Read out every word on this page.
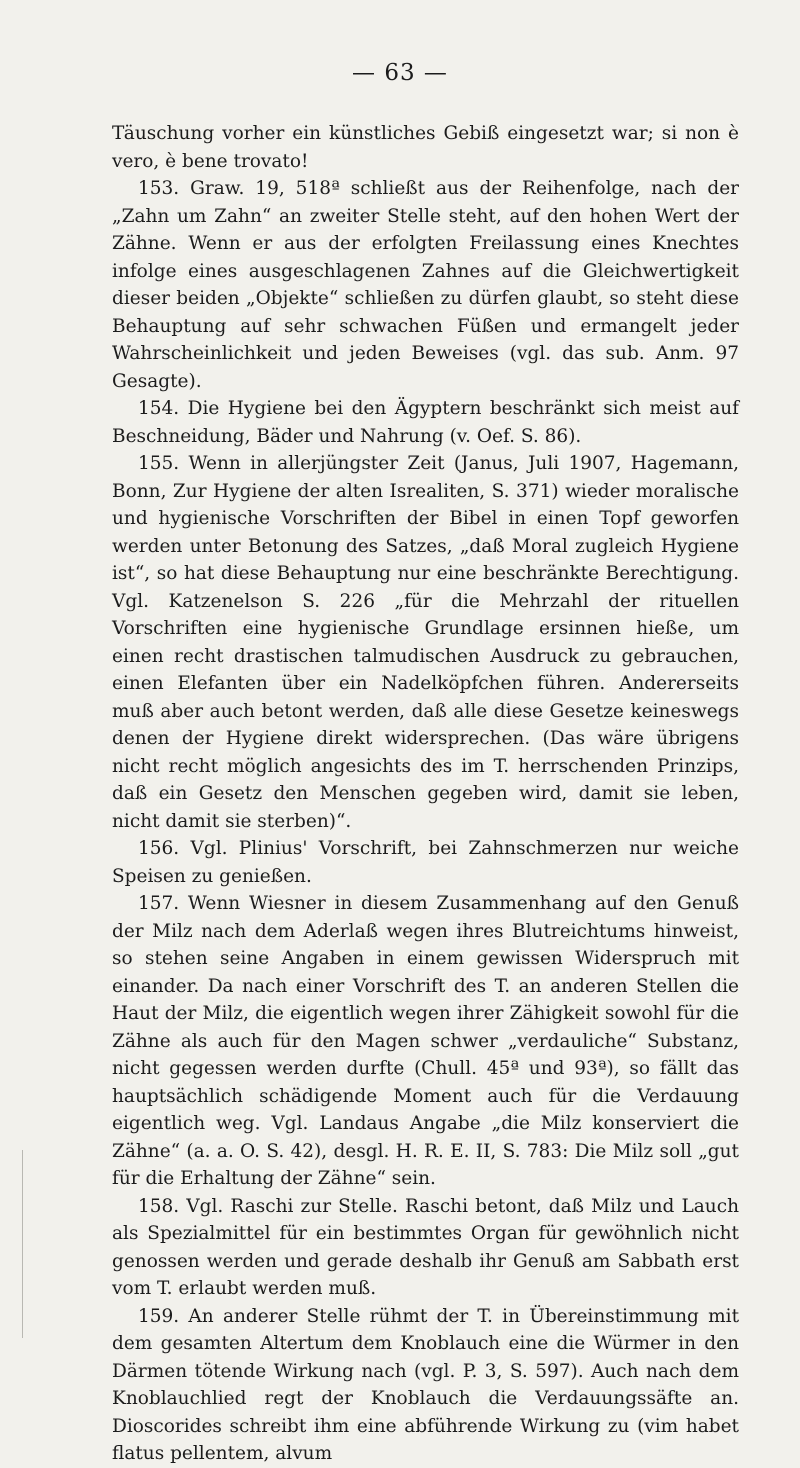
— 63 —

Täuschung vorher ein künstliches Gebiß eingesetzt war; si non è vero, è bene trovato!

153. Graw. 19, 518ª schließt aus der Reihenfolge, nach der „Zahn um Zahn“ an zweiter Stelle steht, auf den hohen Wert der Zähne. Wenn er aus der erfolgten Freilassung eines Knechtes infolge eines ausgeschlagenen Zahnes auf die Gleichwertigkeit dieser beiden „Objekte“ schließen zu dürfen glaubt, so steht diese Behauptung auf sehr schwachen Füßen und ermangelt jeder Wahrscheinlichkeit und jeden Beweises (vgl. das sub. Anm. 97 Gesagte).

154. Die Hygiene bei den Ägyptern beschränkt sich meist auf Beschneidung, Bäder und Nahrung (v. Oef. S. 86).

155. Wenn in allerjüngster Zeit (Janus, Juli 1907, Hagemann, Bonn, Zur Hygiene der alten Isrealiten, S. 371) wieder moralische und hygienische Vorschriften der Bibel in einen Topf geworfen werden unter Betonung des Satzes, „daß Moral zugleich Hygiene ist“, so hat diese Behauptung nur eine beschränkte Berechtigung. Vgl. Katzenelson S. 226 „für die Mehrzahl der rituellen Vorschriften eine hygienische Grundlage ersinnen hieße, um einen recht drastischen talmudischen Ausdruck zu gebrauchen, einen Elefanten über ein Nadelköpfchen führen. Andererseits muß aber auch betont werden, daß alle diese Gesetze keineswegs denen der Hygiene direkt widersprechen. (Das wäre übrigens nicht recht möglich angesichts des im T. herrschenden Prinzips, daß ein Gesetz den Menschen gegeben wird, damit sie leben, nicht damit sie sterben)“.

156. Vgl. Plinius' Vorschrift, bei Zahnschmerzen nur weiche Speisen zu genießen.

157. Wenn Wiesner in diesem Zusammenhang auf den Genuß der Milz nach dem Aderlaß wegen ihres Blutreichtums hinweist, so stehen seine Angaben in einem gewissen Widerspruch mit einander. Da nach einer Vorschrift des T. an anderen Stellen die Haut der Milz, die eigentlich wegen ihrer Zähigkeit sowohl für die Zähne als auch für den Magen schwer „verdauliche“ Substanz, nicht gegessen werden durfte (Chull. 45ª und 93ª), so fällt das hauptsächlich schädigende Moment auch für die Verdauung eigentlich weg. Vgl. Landaus Angabe „die Milz konserviert die Zähne“ (a. a. O. S. 42), desgl. H. R. E. II, S. 783: Die Milz soll „gut für die Erhaltung der Zähne“ sein.

158. Vgl. Raschi zur Stelle. Raschi betont, daß Milz und Lauch als Spezialmittel für ein bestimmtes Organ für gewöhnlich nicht genossen werden und gerade deshalb ihr Genuß am Sabbath erst vom T. erlaubt werden muß.

159. An anderer Stelle rühmt der T. in Übereinstimmung mit dem gesamten Altertum dem Knoblauch eine die Würmer in den Därmen tötende Wirkung nach (vgl. P. 3, S. 597). Auch nach dem Knoblauchlied regt der Knoblauch die Verdauungssäfte an. Dioscorides schreibt ihm eine abführende Wirkung zu (vim habet flatus pellentem, alvum
